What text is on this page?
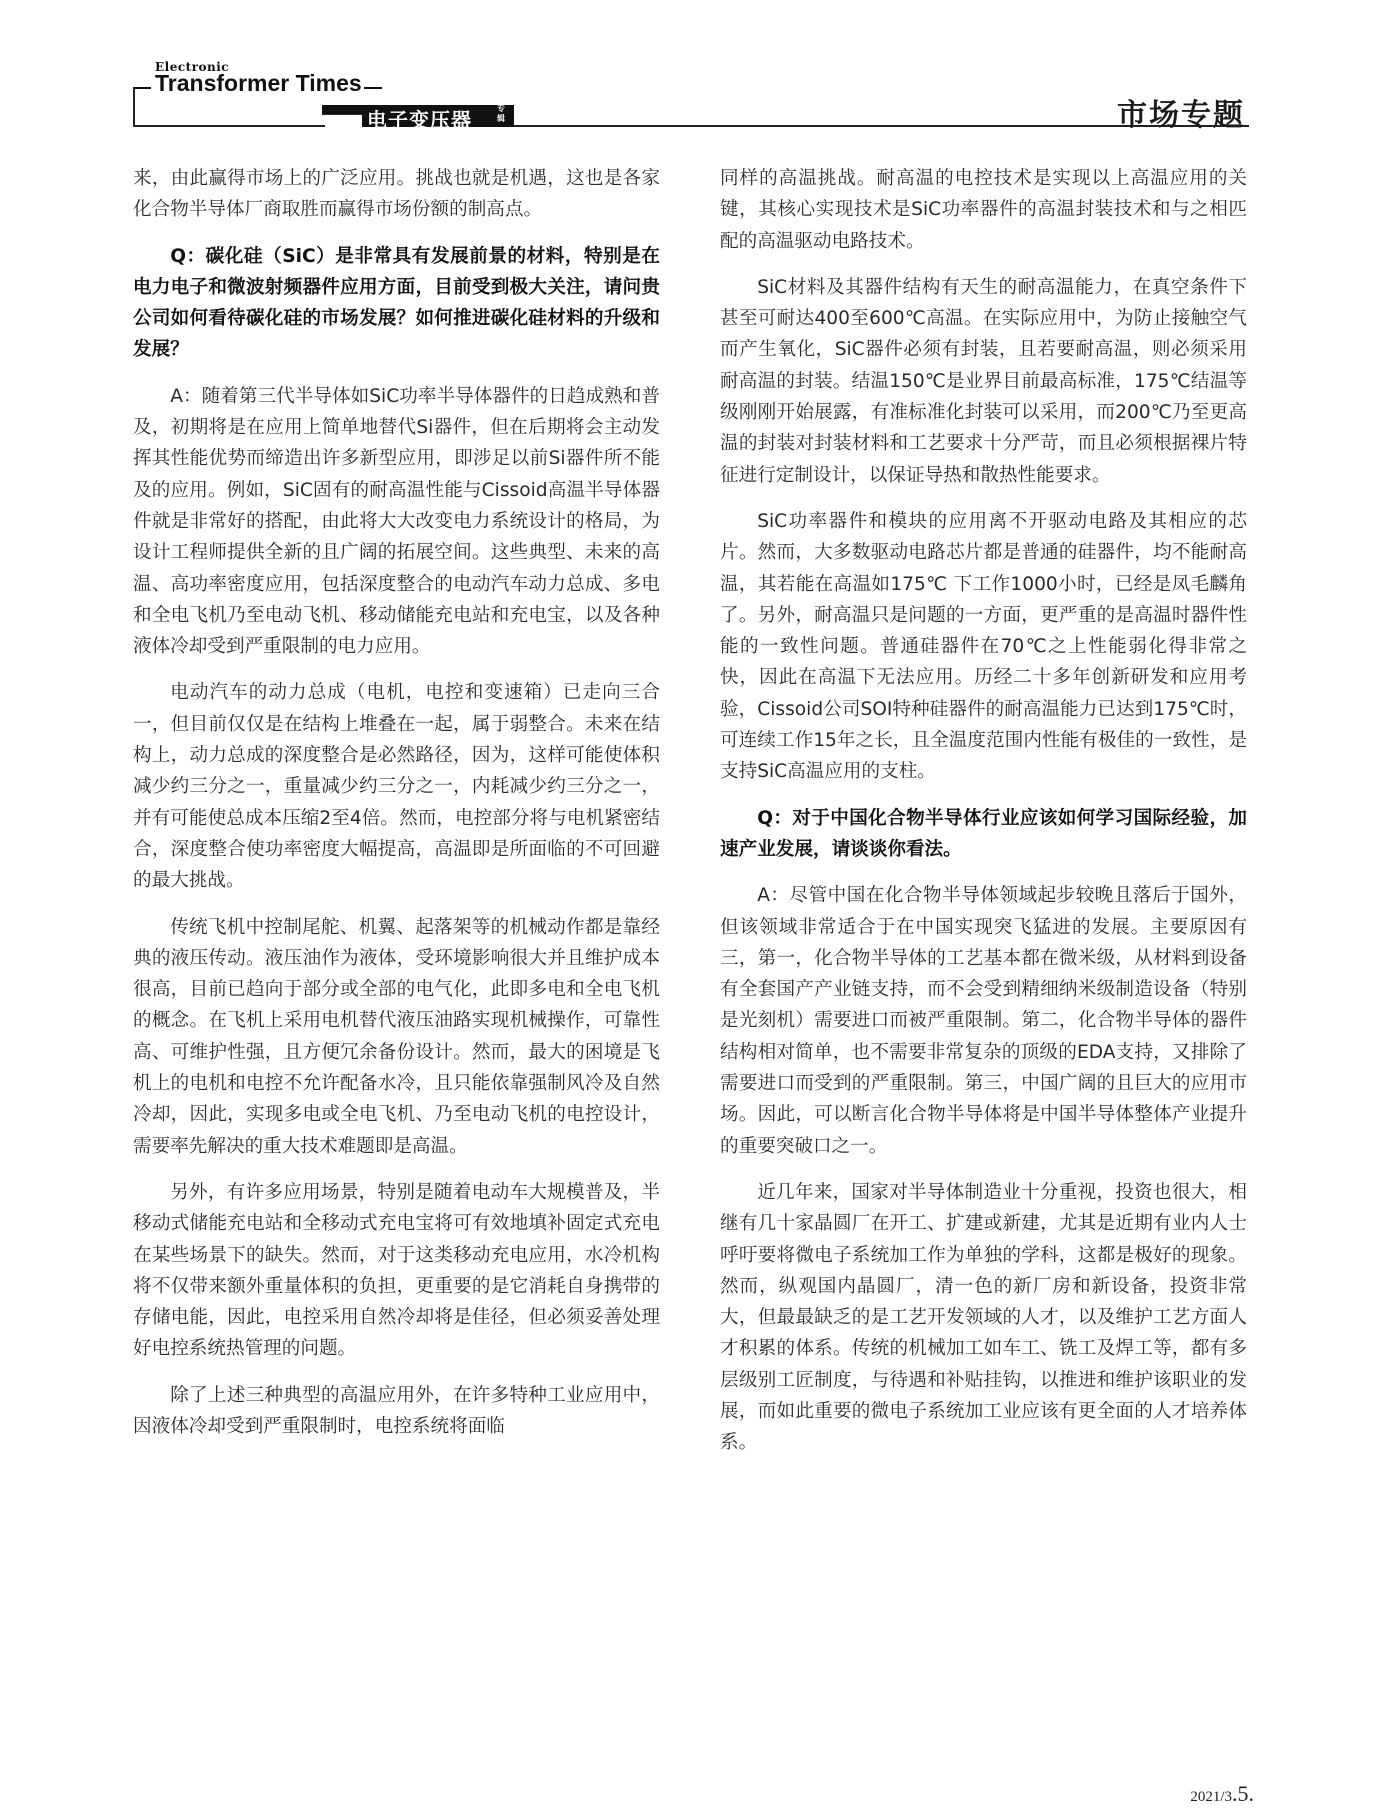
Electronic
Transformer Times
电子变压器	专辑	市场专题

来，由此赢得市场上的广泛应用。挑战也就是机遇，这也是各家化合物半导体厂商取胜而赢得市场份额的制高点。

Q：碳化硅（SiC）是非常具有发展前景的材料，特别是在电力电子和微波射频器件应用方面，目前受到极大关注，请问贵公司如何看待碳化硅的市场发展？如何推进碳化硅材料的升级和发展？

A：随着第三代半导体如SiC功率半导体器件的日趋成熟和普及，初期将是在应用上简单地替代Si器件，但在后期将会主动发挥其性能优势而缔造出许多新型应用，即涉足以前Si器件所不能及的应用。例如，SiC固有的耐高温性能与Cissoid高温半导体器件就是非常好的搭配，由此将大大改变电力系统设计的格局，为设计工程师提供全新的且广阔的拓展空间。这些典型、未来的高温、高功率密度应用，包括深度整合的电动汽车动力总成、多电和全电飞机乃至电动飞机、移动储能充电站和充电宝，以及各种液体冷却受到严重限制的电力应用。

电动汽车的动力总成（电机，电控和变速箱）已走向三合一，但目前仅仅是在结构上堆叠在一起，属于弱整合。未来在结构上，动力总成的深度整合是必然路径，因为，这样可能使体积减少约三分之一，重量减少约三分之一，内耗减少约三分之一，并有可能使总成本压缩2至4倍。然而，电控部分将与电机紧密结合，深度整合使功率密度大幅提高，高温即是所面临的不可回避的最大挑战。

传统飞机中控制尾舵、机翼、起落架等的机械动作都是靠经典的液压传动。液压油作为液体，受环境影响很大并且维护成本很高，目前已趋向于部分或全部的电气化，此即多电和全电飞机的概念。在飞机上采用电机替代液压油路实现机械操作，可靠性高、可维护性强，且方便冗余备份设计。然而，最大的困境是飞机上的电机和电控不允许配备水冷，且只能依靠强制风冷及自然冷却，因此，实现多电或全电飞机、乃至电动飞机的电控设计，需要率先解决的重大技术难题即是高温。

另外，有许多应用场景，特别是随着电动车大规模普及，半移动式储能充电站和全移动式充电宝将可有效地填补固定式充电在某些场景下的缺失。然而，对于这类移动充电应用，水冷机构将不仅带来额外重量体积的负担，更重要的是它消耗自身携带的存储电能，因此，电控采用自然冷却将是佳径，但必须妥善处理好电控系统热管理的问题。

除了上述三种典型的高温应用外，在许多特种工业应用中，因液体冷却受到严重限制时，电控系统将面临

同样的高温挑战。耐高温的电控技术是实现以上高温应用的关键，其核心实现技术是SiC功率器件的高温封装技术和与之相匹配的高温驱动电路技术。

SiC材料及其器件结构有天生的耐高温能力，在真空条件下甚至可耐达400至600℃高温。在实际应用中，为防止接触空气而产生氧化，SiC器件必须有封装，且若要耐高温，则必须采用耐高温的封装。结温150℃是业界目前最高标准，175℃结温等级刚刚开始展露，有准标准化封装可以采用，而200℃乃至更高温的封装对封装材料和工艺要求十分严苛，而且必须根据裸片特征进行定制设计，以保证导热和散热性能要求。

SiC功率器件和模块的应用离不开驱动电路及其相应的芯片。然而，大多数驱动电路芯片都是普通的硅器件，均不能耐高温，其若能在高温如175℃ 下工作1000小时，已经是凤毛麟角了。另外，耐高温只是问题的一方面，更严重的是高温时器件性能的一致性问题。普通硅器件在70℃之上性能弱化得非常之快，因此在高温下无法应用。历经二十多年创新研发和应用考验，Cissoid公司SOI特种硅器件的耐高温能力已达到175℃时，可连续工作15年之长，且全温度范围内性能有极佳的一致性，是支持SiC高温应用的支柱。

Q：对于中国化合物半导体行业应该如何学习国际经验，加速产业发展，请谈谈你看法。

A：尽管中国在化合物半导体领域起步较晚且落后于国外，但该领域非常适合于在中国实现突飞猛进的发展。主要原因有三，第一，化合物半导体的工艺基本都在微米级，从材料到设备有全套国产产业链支持，而不会受到精细纳米级制造设备（特别是光刻机）需要进口而被严重限制。第二，化合物半导体的器件结构相对简单，也不需要非常复杂的顶级的EDA支持，又排除了需要进口而受到的严重限制。第三，中国广阔的且巨大的应用市场。因此，可以断言化合物半导体将是中国半导体整体产业提升的重要突破口之一。

近几年来，国家对半导体制造业十分重视，投资也很大，相继有几十家晶圆厂在开工、扩建或新建，尤其是近期有业内人士呼吁要将微电子系统加工作为单独的学科，这都是极好的现象。然而，纵观国内晶圆厂，清一色的新厂房和新设备，投资非常大，但最最缺乏的是工艺开发领域的人才，以及维护工艺方面人才积累的体系。传统的机械加工如车工、铣工及焊工等，都有多层级别工匠制度，与待遇和补贴挂钩，以推进和维护该职业的发展，而如此重要的微电子系统加工业应该有更全面的人才培养体系。

2021/3.5.
